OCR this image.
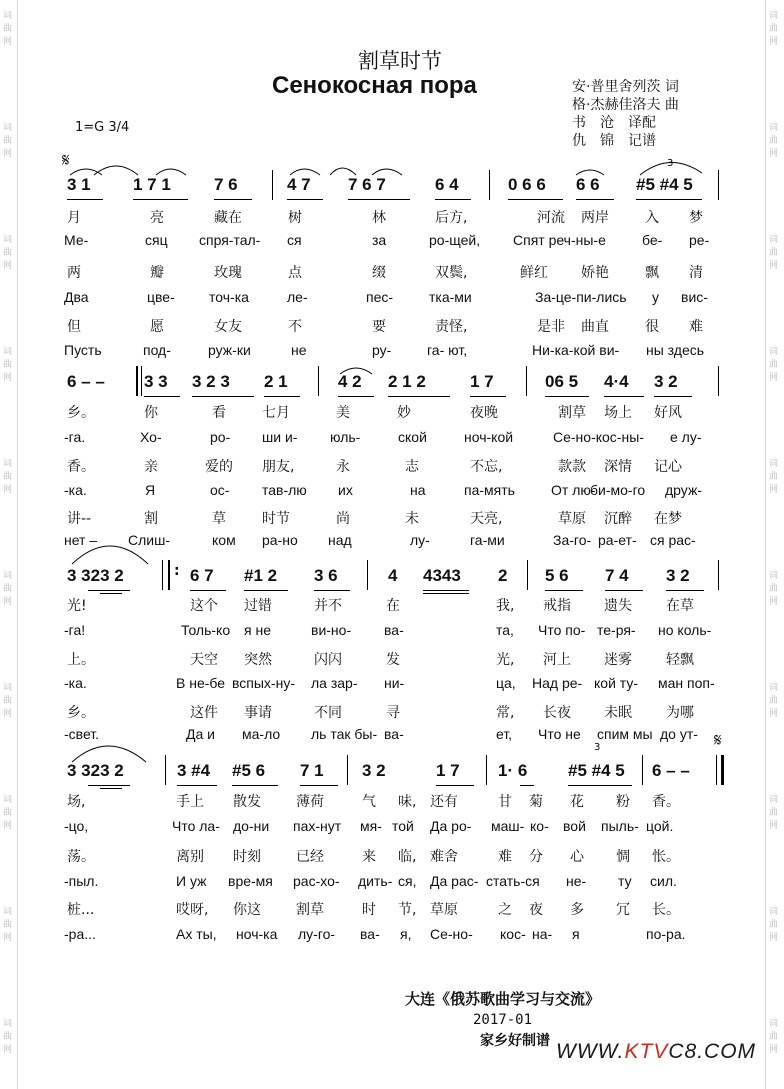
词
曲
网
词
曲
网
词
曲
网
词
曲
网
词
曲
网
词
曲
网
词
曲
网
词
曲
网
词
曲
网
词
曲
网
词
曲
网
词
曲
网
词
曲
网
词
曲
网
词
曲
网
词
曲
网
词
曲
网
词
曲
网
词
曲
网
词
曲
网
割草时节
Сенокосная пора	安·普里舍列茨 词
格·杰赫佳洛夫 曲
书　沧　译配
仇　锦　记谱
1=G 3/4
𝄋
𝄋
3 1 1 7 1	7 6	4 7 7 6 7	6 4	0 6 6 6 6 #5 #4 5
3
月	亮	藏在	树	林	后方,	河流 两岸	入 梦
Ме-	сяц спря-тал- ся	за	ро-щей, Спят реч-ны-е	бе- ре-
两	瓣	玫瑰	点	缀	双鬓,	鲜红 娇艳	飘 清
Два	цве- точ-ка	ле-	пес-	тка-ми	За-це-пи-лись у вис-
但	愿	女友	不	要	责怪,	是非 曲直	很 难
Пусть	под-	руж-ки	не	ру-	га- ют,	Ни-ка-кой ви- ны здесь
6 – – 3 3 3 2 3 2 1	4 2 2 1 2	1 7	06 5 4·4 3 2
乡。	你	看	七月	美	妙	夜晚	割草 场上 好风
-га.	Хо-	ро- ши и- юль-	ской	ноч-кой	Се-но-кос-ны- е лу-
香。	亲	爱的 朋友,	永	志	不忘,	款款 深情 记心
-ка.	Я	ос- тав-лю их	на	па-мять	От лю-
би-мо-го друж-
讲--	割	草	时节	尚	未	天亮,	草原 沉醉 在梦
нет – Слиш-	ком ра-но над	лу-	га-ми	За-го- ра-ет- ся рас-
3 323 2	6 7 #1 2 3 6	4 4343 2 5 6 7 4 3 2
:
光!	这个 过错	并不	在	我, 戒指 遗失 在草
-га!	Толь-ко я не	ви-но- ва-	та, Что по- те-ря- но коль-
上。	天空 突然	闪闪	发	光, 河上 迷雾 轻飘
-ка.	В не-бе вспых-ну- ла зар- ни-	ца, Над ре- кой ту- ман поп-
乡。	这件 事请	不同	寻	常, 长夜 未眠 为哪
-свет.	Да и ма-ло ль так бы- ва-	ет, Что не спим мы до ут-
3 323 2	3 #4 #5 6 7 1 3 2	1 7 1· 6 #5 #4 5 6 – –
3
场,	手上 散发	薄荷	气 味, 还有	甘 菊 花 粉 香。
-цо,	Что ла- до-ни пах-нут мя- той Да ро- маш- ко- вой пыль- цой.
荡。	离别 时刻	已经	来 临, 难舍	难 分 心 惆 怅。
-пыл.	И уж вре-мя рас-хо- дить- ся, Да рас- стать-ся не- ту сил.
桩...	哎呀, 你这	割草	时 节, 草原	之 夜 多 冗 长。
-ра...	Ах ты, ноч-ка лу-го- ва- я, Се-но- кос- на- я	по-ра.
大连《俄苏歌曲学习与交流》
2017-01
家乡好制谱 WWW.KTVC8.COM
